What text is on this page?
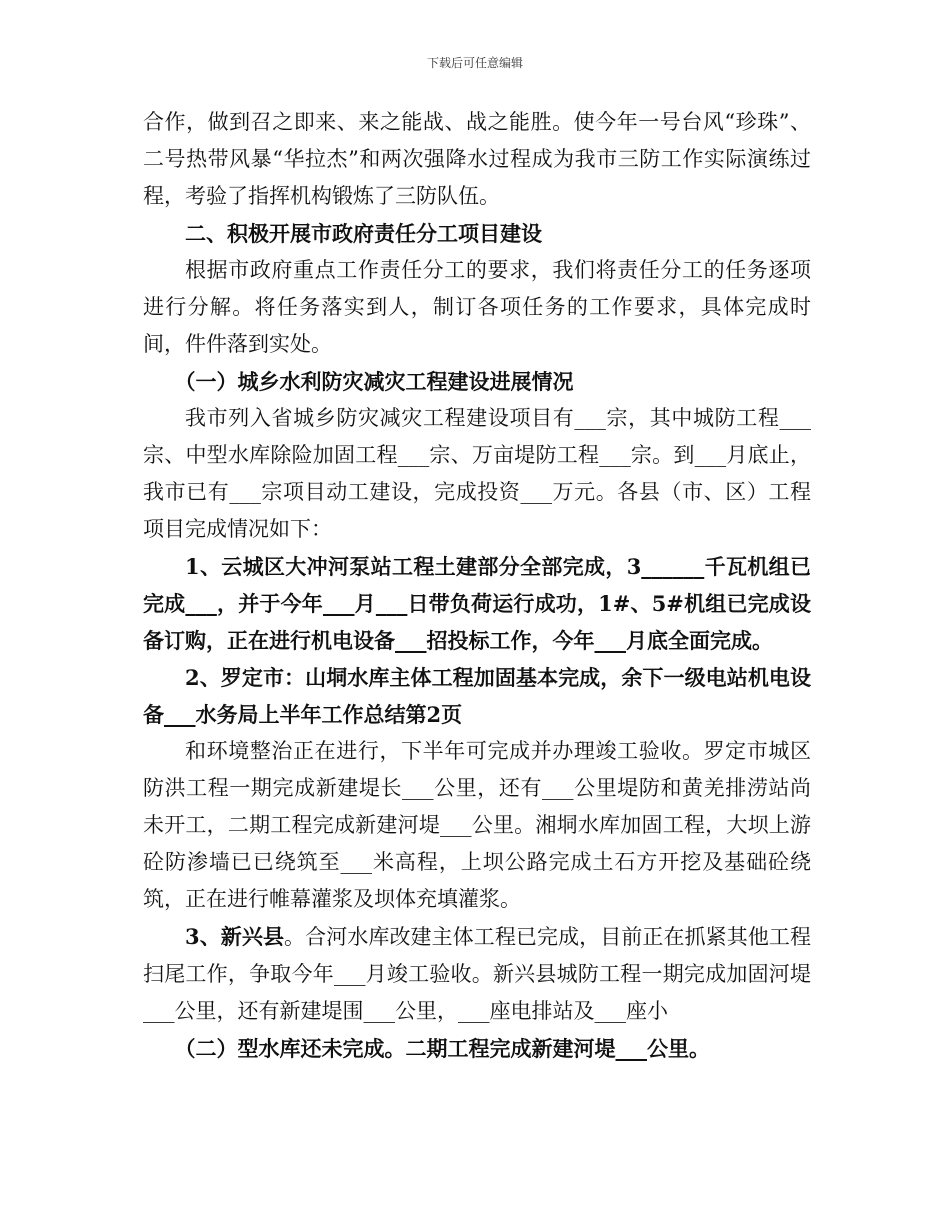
下载后可任意编辑

合作，做到召之即来、来之能战、战之能胜。使今年一号台风“珍珠”、二号热带风暴“华拉杰”和两次强降水过程成为我市三防工作实际演练过程，考验了指挥机构锻炼了三防队伍。

二、积极开展市政府责任分工项目建设

根据市政府重点工作责任分工的要求，我们将责任分工的任务逐项进行分解。将任务落实到人，制订各项任务的工作要求，具体完成时间，件件落到实处。

（一）城乡水利防灾减灾工程建设进展情况

我市列入省城乡防灾减灾工程建设项目有___宗，其中城防工程___宗、中型水库除险加固工程___宗、万亩堤防工程___宗。到___月底止，我市已有___宗项目动工建设，完成投资___万元。各县（市、区）工程项目完成情况如下：

1、云城区大冲河泵站工程土建部分全部完成，3______千瓦机组已完成___，并于今年___月___日带负荷运行成功，1#、5#机组已完成设备订购，正在进行机电设备___招投标工作，今年___月底全面完成。

2、罗定市：山垌水库主体工程加固基本完成，余下一级电站机电设备___水务局上半年工作总结第2页

和环境整治正在进行，下半年可完成并办理竣工验收。罗定市城区防洪工程一期完成新建堤长___公里，还有___公里堤防和黄羌排涝站尚未开工，二期工程完成新建河堤___公里。湘垌水库加固工程，大坝上游砼防渗墙已已绕筑至___米高程，上坝公路完成土石方开挖及基础砼绕筑，正在进行帷幕灌浆及坝体充填灌浆。

3、新兴县。合河水库改建主体工程已完成，目前正在抓紧其他工程扫尾工作，争取今年___月竣工验收。新兴县城防工程一期完成加固河堤___公里，还有新建堤围___公里，___座电排站及___座小

（二）型水库还未完成。二期工程完成新建河堤___公里。
